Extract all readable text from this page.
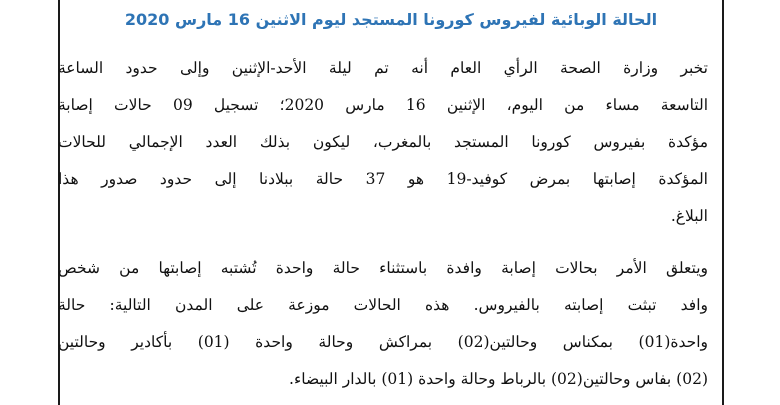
الحالة الوبائية لفيروس كورونا المستجد ليوم الاثنين 16 مارس 2020
تخبر وزارة الصحة الرأي العام أنه تم ليلة الأحد-الإثنين وإلى حدود الساعة
التاسعة مساء من اليوم، الإثنين 16 مارس 2020؛ تسجيل 09 حالات إصابة
مؤكدة بفيروس كورونا المستجد بالمغرب، ليكون بذلك العدد الإجمالي للحالات
المؤكدة إصابتها بمرض كوفيد-19 هو 37 حالة ببلادنا إلى حدود صدور هذا
البلاغ.
ويتعلق الأمر بحالات إصابة وافدة باستثناء حالة واحدة تُشتبه إصابتها من شخص
وافد تبثت إصابته بالفيروس. هذه الحالات موزعة على المدن التالية: حالة
واحدة(01) بمكناس وحالتين(02) بمراكش وحالة واحدة (01) بأكادير وحالتين
(02) بفاس وحالتين(02) بالرباط وحالة واحدة (01) بالدار البيضاء.
